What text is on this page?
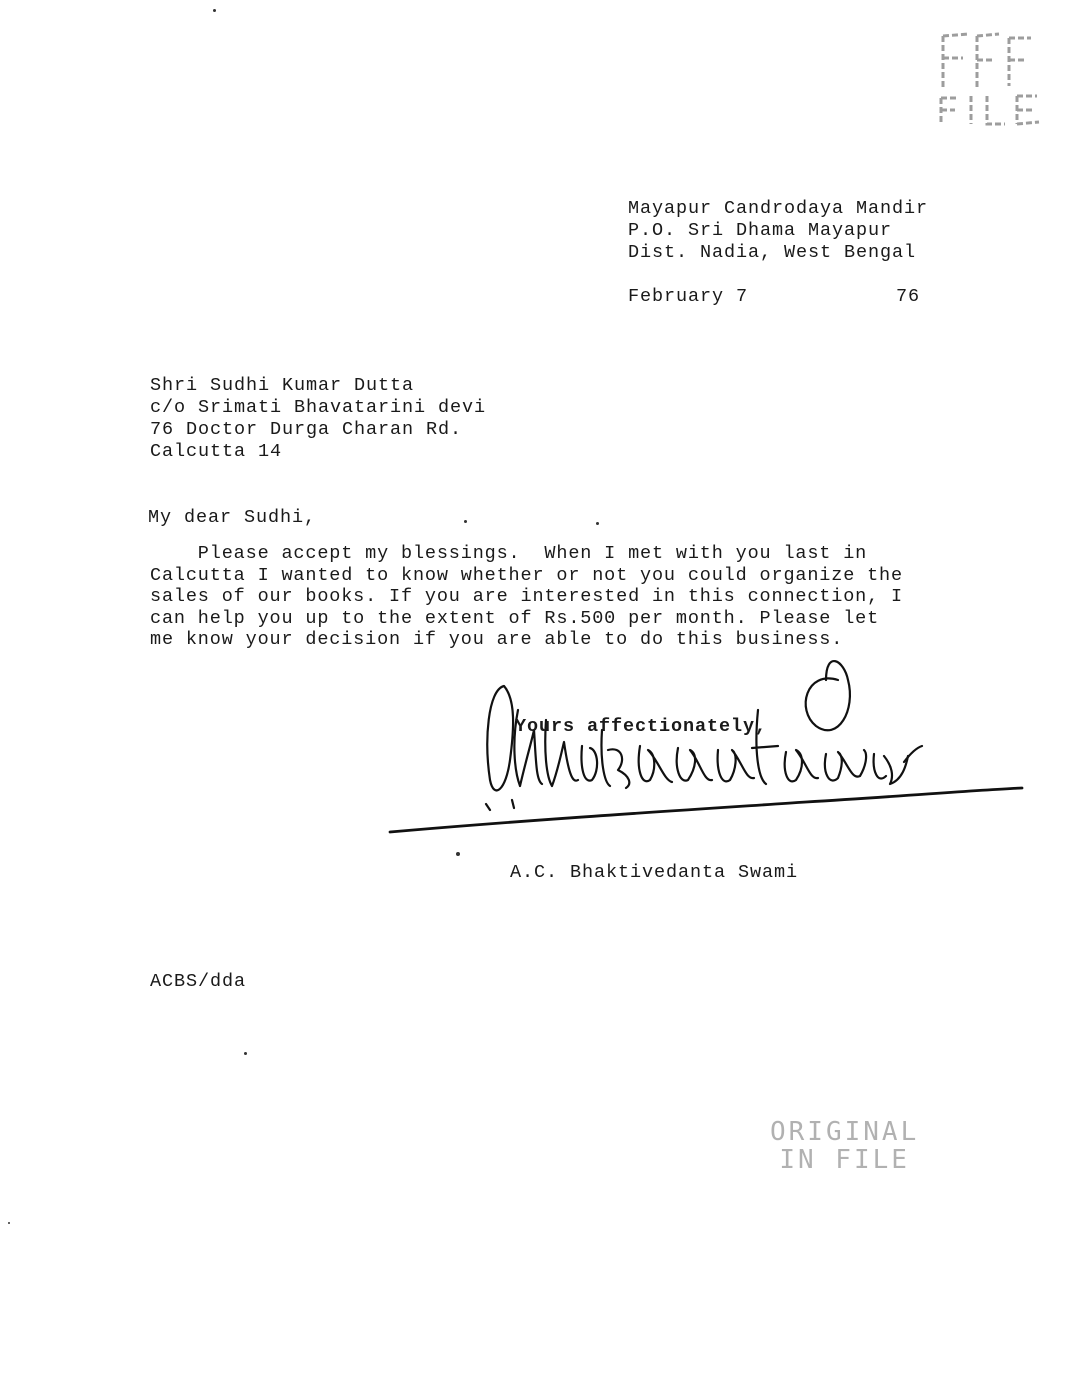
Mayapur Candrodaya Mandir
P.O. Sri Dhama Mayapur
Dist. Nadia, West Bengal
February 7	76
Shri Sudhi Kumar Dutta
c/o Srimati Bhavatarini devi
76 Doctor Durga Charan Rd.
Calcutta 14
My dear Sudhi,
Please accept my blessings.  When I met with you last in
Calcutta I wanted to know whether or not you could organize the
sales of our books. If you are interested in this connection, I
can help you up to the extent of Rs.500 per month. Please let
me know your decision if you are able to do this business.
Yours affectionately,
A.C. Bhaktivedanta Swami
ACBS/dda
ORIGINAL
IN FILE
